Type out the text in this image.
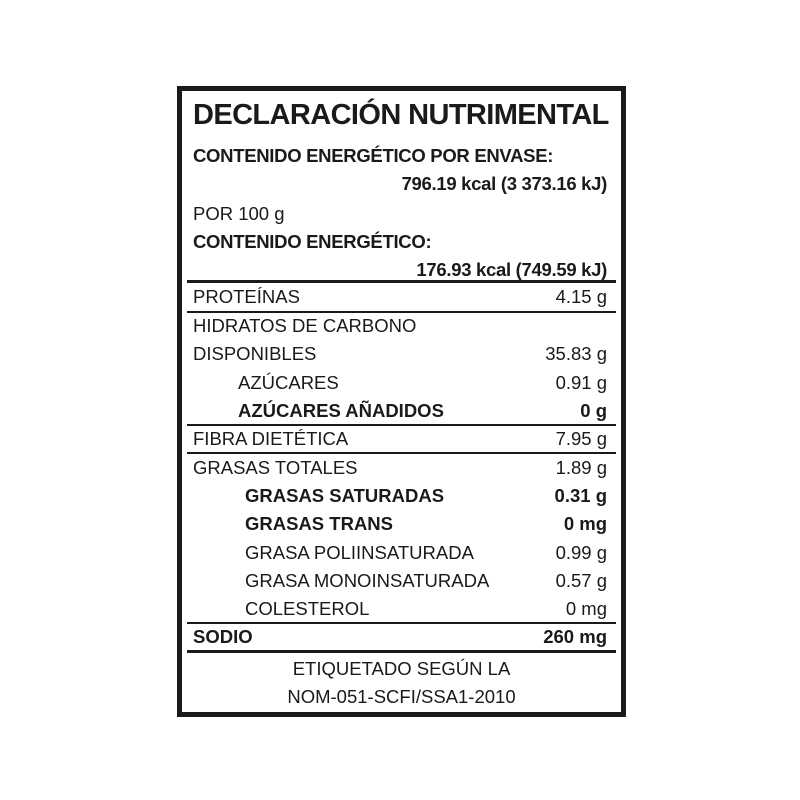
DECLARACIÓN NUTRIMENTAL
CONTENIDO ENERGÉTICO POR ENVASE:
796.19 kcal (3 373.16 kJ)
POR 100 g
CONTENIDO ENERGÉTICO:
176.93 kcal (749.59 kJ)
PROTEÍNAS	4.15 g
HIDRATOS DE CARBONO
DISPONIBLES	35.83 g
AZÚCARES	0.91 g
AZÚCARES AÑADIDOS	0 g
FIBRA DIETÉTICA	7.95 g
GRASAS TOTALES	1.89 g
GRASAS SATURADAS	0.31 g
GRASAS TRANS	0 mg
GRASA POLIINSATURADA	0.99 g
GRASA MONOINSATURADA	0.57 g
COLESTEROL	0 mg
SODIO	260 mg
ETIQUETADO SEGÚN LA
NOM-051-SCFI/SSA1-2010
